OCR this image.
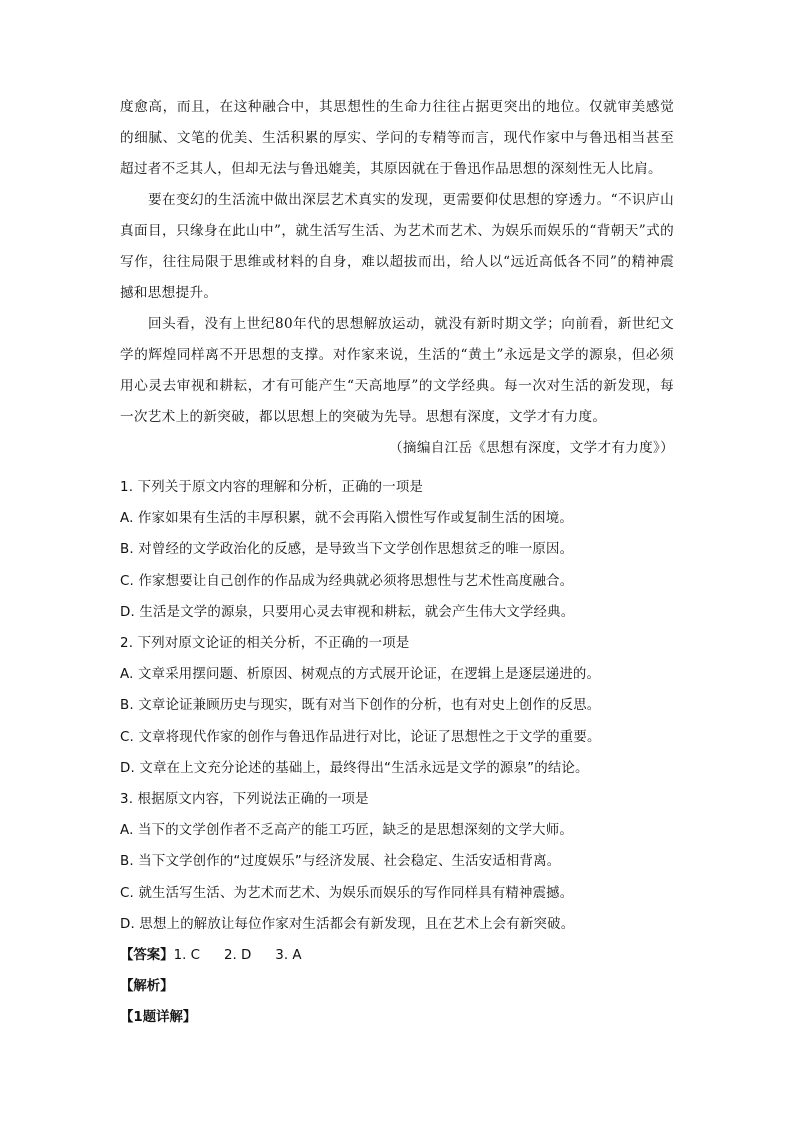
度愈高，而且，在这种融合中，其思想性的生命力往往占据更突出的地位。仅就审美感觉的细腻、文笔的优美、生活积累的厚实、学问的专精等而言，现代作家中与鲁迅相当甚至超过者不乏其人，但却无法与鲁迅媲美，其原因就在于鲁迅作品思想的深刻性无人比肩。

要在变幻的生活流中做出深层艺术真实的发现，更需要仰仗思想的穿透力。“不识庐山真面目，只缘身在此山中”，就生活写生活、为艺术而艺术、为娱乐而娱乐的“背朝天”式的写作，往往局限于思维或材料的自身，难以超拔而出，给人以“远近高低各不同”的精神震撼和思想提升。

回头看，没有上世纪80年代的思想解放运动，就没有新时期文学；向前看，新世纪文学的辉煌同样离不开思想的支撑。对作家来说，生活的“黄土”永远是文学的源泉，但必须用心灵去审视和耕耘，才有可能产生“天高地厚”的文学经典。每一次对生活的新发现，每一次艺术上的新突破，都以思想上的突破为先导。思想有深度，文学才有力度。

（摘编自江岳《思想有深度，文学才有力度》）

1. 下列关于原文内容的理解和分析，正确的一项是

A. 作家如果有生活的丰厚积累，就不会再陷入惯性写作或复制生活的困境。

B. 对曾经的文学政治化的反感，是导致当下文学创作思想贫乏的唯一原因。

C. 作家想要让自己创作的作品成为经典就必须将思想性与艺术性高度融合。

D. 生活是文学的源泉，只要用心灵去审视和耕耘，就会产生伟大文学经典。

2. 下列对原文论证的相关分析，不正确的一项是

A. 文章采用摆问题、析原因、树观点的方式展开论证，在逻辑上是逐层递进的。

B. 文章论证兼顾历史与现实，既有对当下创作的分析，也有对史上创作的反思。

C. 文章将现代作家的创作与鲁迅作品进行对比，论证了思想性之于文学的重要。

D. 文章在上文充分论述的基础上，最终得出“生活永远是文学的源泉”的结论。

3. 根据原文内容，下列说法正确的一项是

A. 当下的文学创作者不乏高产的能工巧匠，缺乏的是思想深刻的文学大师。

B. 当下文学创作的“过度娱乐”与经济发展、社会稳定、生活安适相背离。

C. 就生活写生活、为艺术而艺术、为娱乐而娱乐的写作同样具有精神震撼。

D. 思想上的解放让每位作家对生活都会有新发现，且在艺术上会有新突破。

【答案】1. C 2. D 3. A

【解析】

【1题详解】
